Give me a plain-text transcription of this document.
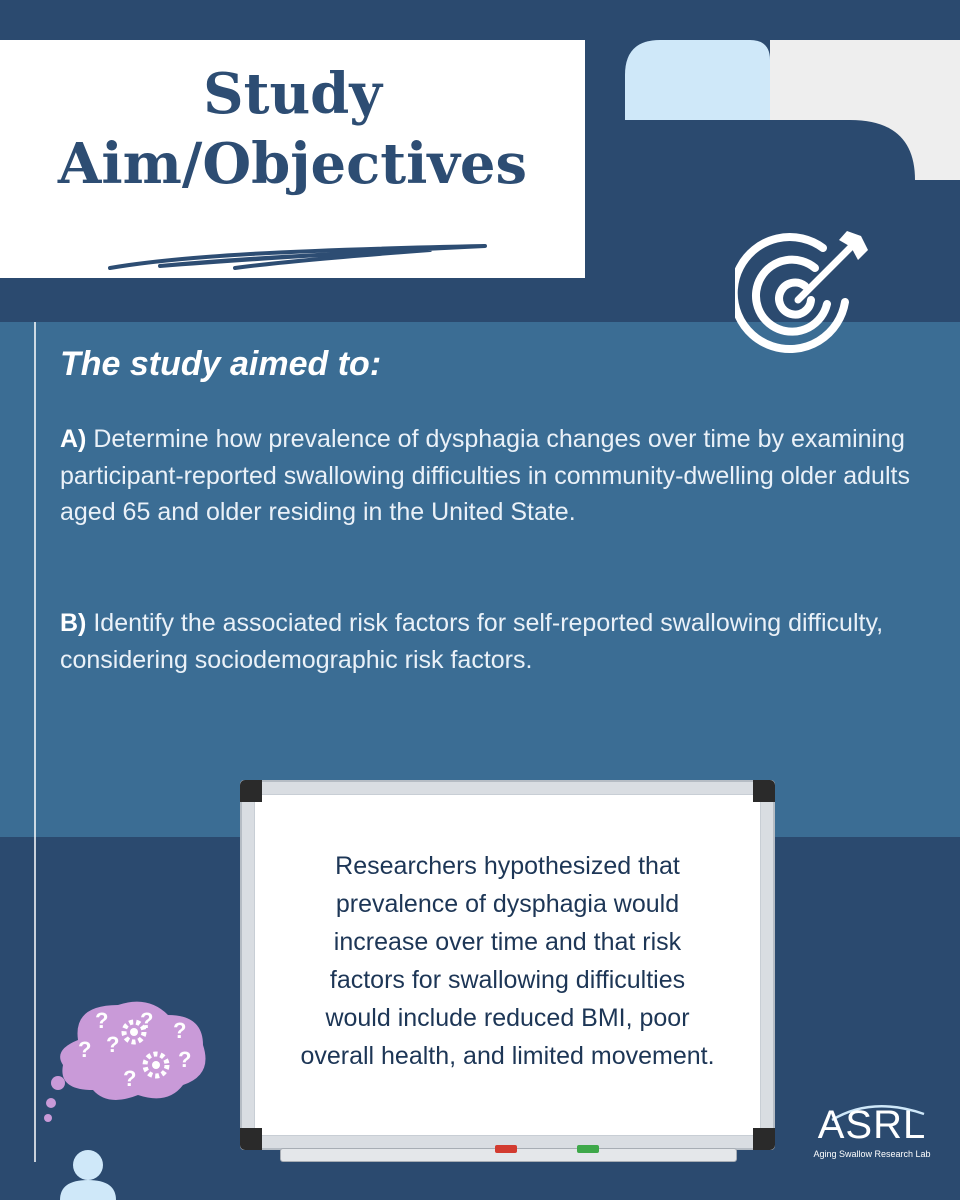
Study
Aim/Objectives
The study aimed to:
A) Determine how prevalence of dysphagia changes over time by examining participant-reported swallowing difficulties in community-dwelling older adults aged 65 and older residing in the United State.
B) Identify the associated risk factors for self-reported swallowing difficulty, considering sociodemographic risk factors.
Researchers hypothesized that prevalence of dysphagia would increase over time and that risk factors for swallowing difficulties would include reduced BMI, poor overall health, and limited movement.
? ?
? ?
?
?
?
ASRL
Aging Swallow Research Lab
